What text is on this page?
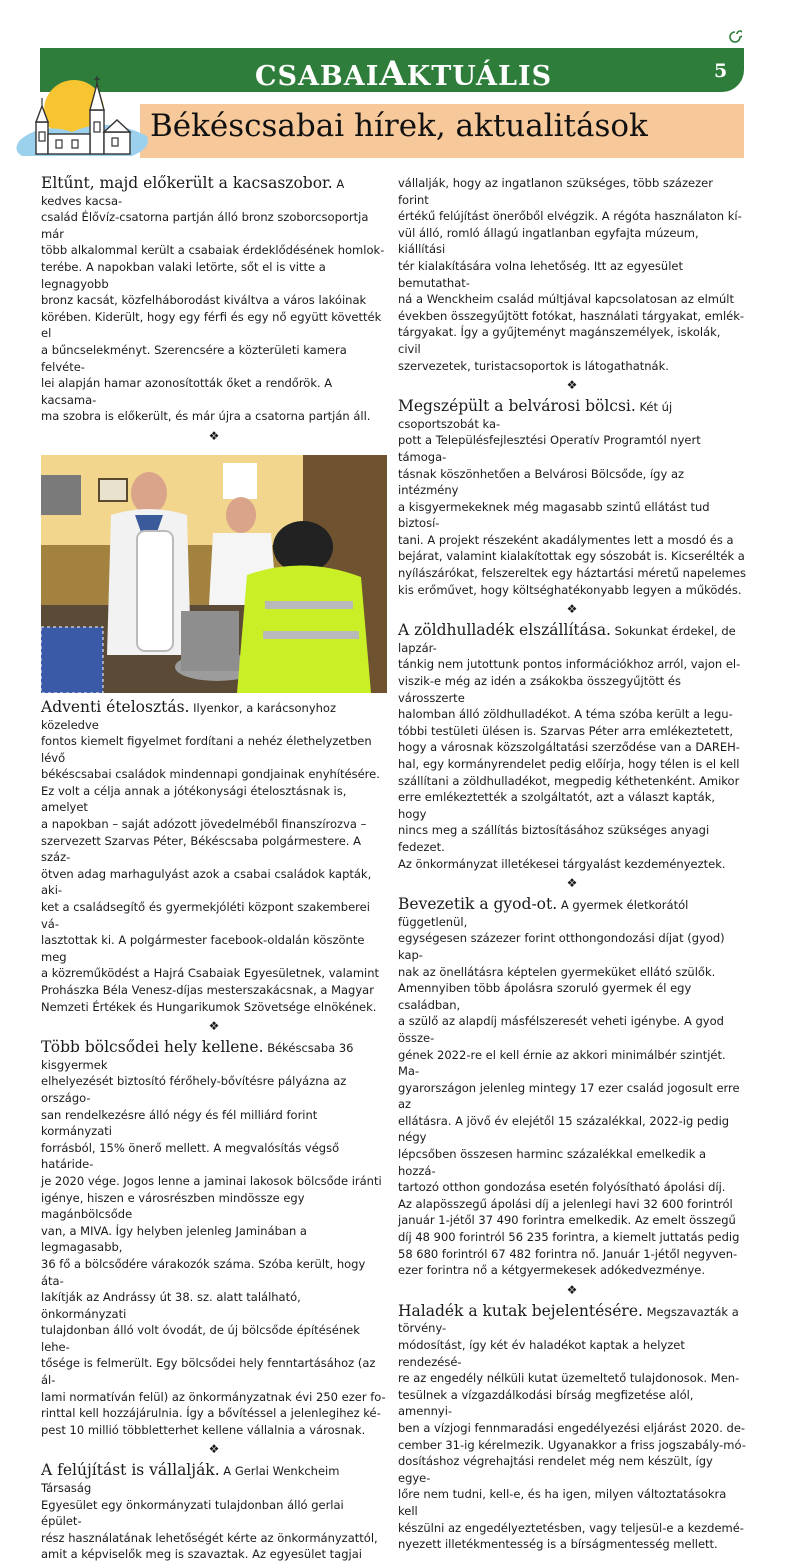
CSABAIAKTUÁLIS	5
Békéscsabai hírek, aktualitások

Eltűnt, majd előkerült a kacsaszobor. A kedves kacsa-

család Élővíz-csatorna partján álló bronz szoborcsoportja már

több alkalommal került a csabaiak érdeklődésének homlok-

terébe. A napokban valaki letörte, sőt el is vitte a legnagyobb

bronz kacsát, közfelháborodást kiváltva a város lakóinak

körében. Kiderült, hogy egy férfi és egy nő együtt követték el

a bűncselekményt. Szerencsére a közterületi kamera felvéte-

lei alapján hamar azonosították őket a rendőrök. A kacsama-

ma szobra is előkerült, és már újra a csatorna partján áll.

❖

Adventi ételosztás. Ilyenkor, a karácsonyhoz közeledve

fontos kiemelt figyelmet fordítani a nehéz élethelyzetben lévő

békéscsabai családok mindennapi gondjainak enyhítésére.

Ez volt a célja annak a jótékonysági ételosztásnak is, amelyet

a napokban – saját adózott jövedelméből finanszírozva –

szervezett Szarvas Péter, Békéscsaba polgármestere. A száz-

ötven adag marhagulyást azok a csabai családok kapták, aki-

ket a családsegítő és gyermekjóléti központ szakemberei vá-

lasztottak ki. A polgármester facebook-oldalán köszönte meg

a közreműködést a Hajrá Csabaiak Egyesületnek, valamint

Prohászka Béla Venesz-díjas mesterszakácsnak, a Magyar

Nemzeti Értékek és Hungarikumok Szövetsége elnökének.

❖

Több bölcsődei hely kellene. Békéscsaba 36 kisgyermek

elhelyezését biztosító férőhely-bővítésre pályázna az országo-

san rendelkezésre álló négy és fél milliárd forint kormányzati

forrásból, 15% önerő mellett. A megvalósítás végső határide-

je 2020 vége. Jogos lenne a jaminai lakosok bölcsőde iránti

igénye, hiszen e városrészben mindössze egy magánbölcsőde

van, a MIVA. Így helyben jelenleg Jaminában a legmagasabb,

36 fő a bölcsődére várakozók száma. Szóba került, hogy áta-

lakítják az Andrássy út 38. sz. alatt található, önkormányzati

tulajdonban álló volt óvodát, de új bölcsőde építésének lehe-

tősége is felmerült. Egy bölcsődei hely fenntartásához (az ál-

lami normatíván felül) az önkormányzatnak évi 250 ezer fo-

rinttal kell hozzájárulnia. Így a bővítéssel a jelenlegihez ké-

pest 10 millió többletterhet kellene vállalnia a városnak.

❖

A felújítást is vállalják. A Gerlai Wenkcheim Társaság

Egyesület egy önkormányzati tulajdonban álló gerlai épület-

rész használatának lehetőségét kérte az önkormányzattól,

amit a képviselők meg is szavaztak. Az egyesület tagjai

vállalják, hogy az ingatlanon szükséges, több százezer forint

értékű felújítást önerőből elvégzik. A régóta használaton kí-

vül álló, romló állagú ingatlanban egyfajta múzeum, kiállítási

tér kialakítására volna lehetőség. Itt az egyesület bemutathat-

ná a Wenckheim család múltjával kapcsolatosan az elmúlt

években összegyűjtött fotókat, használati tárgyakat, emlék-

tárgyakat. Így a gyűjteményt magánszemélyek, iskolák, civil

szervezetek, turistacsoportok is látogathatnák.

❖

Megszépült a belvárosi bölcsi. Két új csoportszobát ka-

pott a Településfejlesztési Operatív Programtól nyert támoga-

tásnak köszönhetően a Belvárosi Bölcsőde, így az intézmény

a kisgyermekeknek még magasabb szintű ellátást tud biztosí-

tani. A projekt részeként akadálymentes lett a mosdó és a

bejárat, valamint kialakítottak egy sószobát is. Kicserélték a

nyílászárókat, felszereltek egy háztartási méretű napelemes

kis erőművet, hogy költséghatékonyabb legyen a működés.

❖

A zöldhulladék elszállítása. Sokunkat érdekel, de lapzár-

tánkig nem jutottunk pontos információkhoz arról, vajon el-

viszik-e még az idén a zsákokba összegyűjtött és városszerte

halomban álló zöldhulladékot. A téma szóba került a legu-

tóbbi testületi ülésen is. Szarvas Péter arra emlékeztetett,

hogy a városnak közszolgáltatási szerződése van a DAREH-

hal, egy kormányrendelet pedig előírja, hogy télen is el kell

szállítani a zöldhulladékot, megpedig kéthetenként. Amikor

erre emlékeztették a szolgáltatót, azt a választ kapták, hogy

nincs meg a szállítás biztosításához szükséges anyagi fedezet.

Az önkormányzat illetékesei tárgyalást kezdeményeztek.

❖

Bevezetik a gyod-ot. A gyermek életkorától függetlenül,

egységesen százezer forint otthongondozási díjat (gyod) kap-

nak az önellátásra képtelen gyermeküket ellátó szülők.

Amennyiben több ápolásra szoruló gyermek él egy családban,

a szülő az alapdíj másfélszeresét veheti igénybe. A gyod össze-

gének 2022-re el kell érnie az akkori minimálbér szintjét. Ma-

gyarországon jelenleg mintegy 17 ezer család jogosult erre az

ellátásra. A jövő év elejétől 15 százalékkal, 2022-ig pedig négy

lépcsőben összesen harminc százalékkal emelkedik a hozzá-

tartozó otthon gondozása esetén folyósítható ápolási díj.

Az alapösszegű ápolási díj a jelenlegi havi 32 600 forintról

január 1-jétől 37 490 forintra emelkedik. Az emelt összegű

díj 48 900 forintról 56 235 forintra, a kiemelt juttatás pedig

58 680 forintról 67 482 forintra nő. Január 1-jétől negyven-

ezer forintra nő a kétgyermekesek adókedvezménye.

❖

Haladék a kutak bejelentésére. Megszavazták a törvény-

módosítást, így két év haladékot kaptak a helyzet rendezésé-

re az engedély nélküli kutat üzemeltető tulajdonosok. Men-

tesülnek a vízgazdálkodási bírság megfizetése alól, amennyi-

ben a vízjogi fennmaradási engedélyezési eljárást 2020. de-

cember 31-ig kérelmezik. Ugyanakkor a friss jogszabály-mó-

dosításhoz végrehajtási rendelet még nem készült, így egye-

lőre nem tudni, kell-e, és ha igen, milyen változtatásokra kell

készülni az engedélyeztetésben, vagy teljesül-e a kezdemé-

nyezett illetékmentesség is a bírságmentesség mellett.
